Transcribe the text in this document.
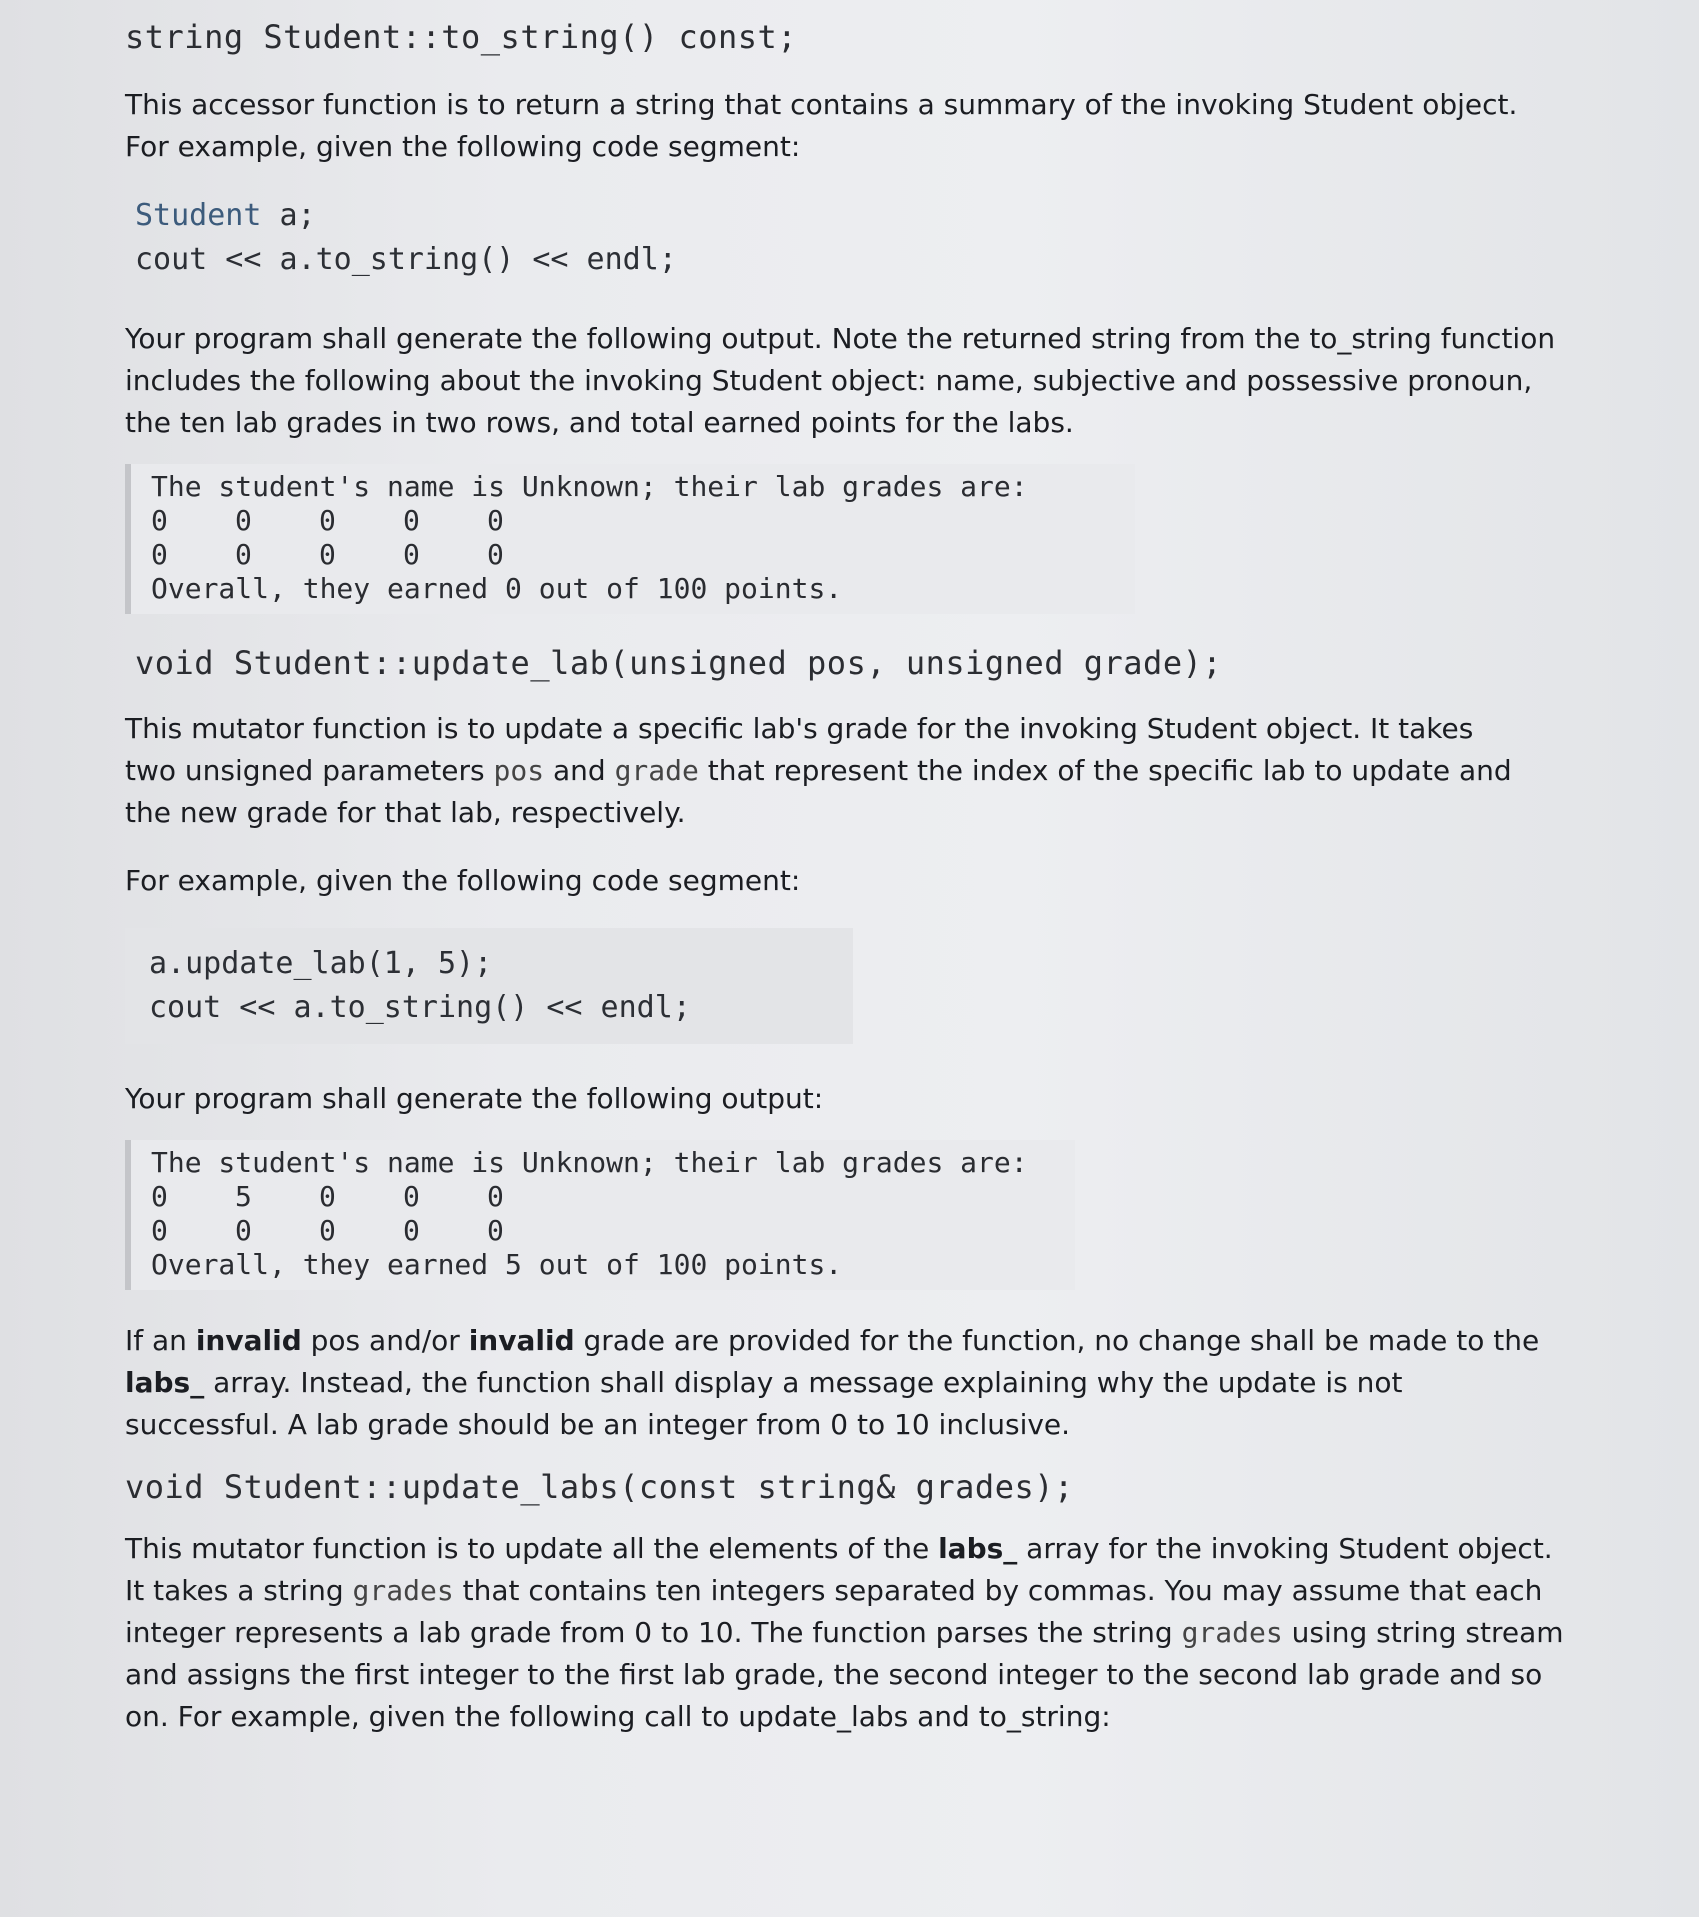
string Student::to_string() const;

This accessor function is to return a string that contains a summary of the invoking Student object. For example, given the following code segment:

Student a;
cout << a.to_string() << endl;

Your program shall generate the following output. Note the returned string from the to_string function includes the following about the invoking Student object: name, subjective and possessive pronoun, the ten lab grades in two rows, and total earned points for the labs.

The student's name is Unknown; their lab grades are:
0	0	0	0	0
0	0	0	0	0
Overall, they earned 0 out of 100 points.

void Student::update_lab(unsigned pos, unsigned grade);

This mutator function is to update a specific lab's grade for the invoking Student object. It takes two unsigned parameters pos and grade that represent the index of the specific lab to update and the new grade for that lab, respectively.

For example, given the following code segment:

a.update_lab(1, 5);
cout << a.to_string() << endl;

Your program shall generate the following output:

The student's name is Unknown; their lab grades are:
0	5	0	0	0
0	0	0	0	0
Overall, they earned 5 out of 100 points.

If an invalid pos and/or invalid grade are provided for the function, no change shall be made to the labs_ array. Instead, the function shall display a message explaining why the update is not successful. A lab grade should be an integer from 0 to 10 inclusive.

void Student::update_labs(const string& grades);

This mutator function is to update all the elements of the labs_ array for the invoking Student object. It takes a string grades that contains ten integers separated by commas. You may assume that each integer represents a lab grade from 0 to 10. The function parses the string grades using string stream and assigns the first integer to the first lab grade, the second integer to the second lab grade and so on. For example, given the following call to update_labs and to_string:
